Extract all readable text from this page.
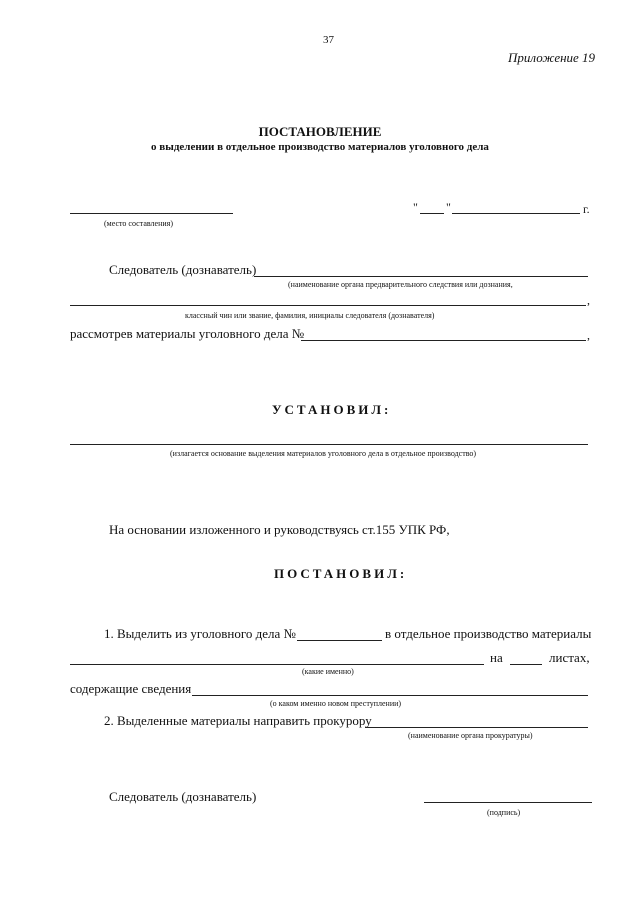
37
Приложение 19
ПОСТАНОВЛЕНИЕ
о выделении в отдельное производство материалов уголовного дела
(место составления)
" "	г.
Следователь (дознаватель)
(наименование органа предварительного следствия или дознания,
,
классный чин или звание, фамилия, инициалы следователя (дознавателя)
рассмотрев материалы уголовного дела №	,
УСТАНОВИЛ:
(излагается основание выделения материалов уголовного дела в отдельное производство)
На основании изложенного и руководствуясь ст.155 УПК РФ,
ПОСТАНОВИЛ:
1. Выделить из уголовного дела №	в отдельное производство материалы
на	листах,
(какие именно)
содержащие сведения
(о каком именно новом преступлении)
2. Выделенные материалы направить прокурору
(наименование органа прокуратуры)
Следователь (дознаватель)
(подпись)
